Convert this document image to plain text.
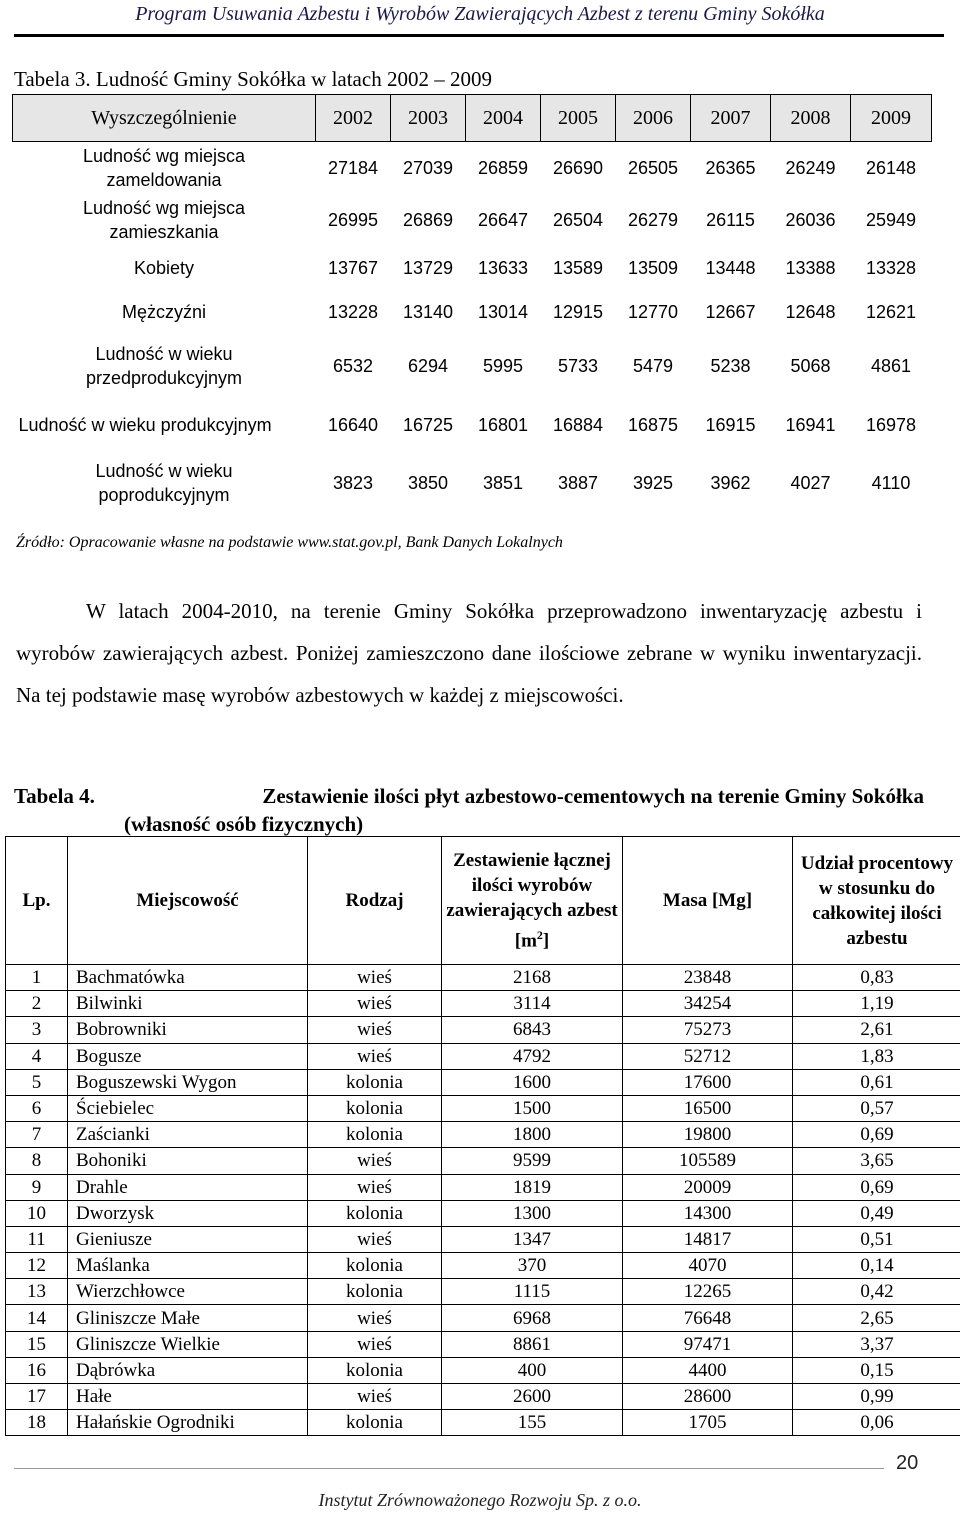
Program Usuwania Azbestu i Wyrobów Zawierających Azbest z terenu Gminy Sokółka
Tabela 3. Ludność Gminy Sokółka w latach 2002 – 2009
Wyszczególnienie	2002	2003	2004	2005	2006	2007	2008	2009
Ludność wg miejsca zameldowania	27184	27039	26859	26690	26505	26365	26249	26148
Ludność wg miejsca zamieszkania	26995	26869	26647	26504	26279	26115	26036	25949
Kobiety	13767	13729	13633	13589	13509	13448	13388	13328
Mężczyźni	13228	13140	13014	12915	12770	12667	12648	12621
Ludność w wieku przedprodukcyjnym	6532	6294	5995	5733	5479	5238	5068	4861
Ludność w wieku produkcyjnym	16640	16725	16801	16884	16875	16915	16941	16978
Ludność w wieku poprodukcyjnym	3823	3850	3851	3887	3925	3962	4027	4110
Źródło: Opracowanie własne na podstawie www.stat.gov.pl, Bank Danych Lokalnych
W latach 2004-2010, na terenie Gminy Sokółka przeprowadzono inwentaryzację azbestu i wyrobów zawierających azbest. Poniżej zamieszczono dane ilościowe zebrane w wyniku inwentaryzacji. Na tej podstawie masę wyrobów azbestowych w każdej z miejscowości.
Tabela 4.	Zestawienie ilości płyt azbestowo-cementowych na terenie Gminy Sokółka
(własność osób fizycznych)
Lp.	Miejscowość	Rodzaj	Zestawienie łącznej ilości wyrobów zawierających azbest $[m^2]$	Masa [Mg]	Udział procentowy w stosunku do całkowitej ilości azbestu
1	Bachmatówka	wieś	2168	23848	0,83
2	Bilwinki	wieś	3114	34254	1,19
3	Bobrowniki	wieś	6843	75273	2,61
4	Bogusze	wieś	4792	52712	1,83
5	Boguszewski Wygon	kolonia	1600	17600	0,61
6	Ściebielec	kolonia	1500	16500	0,57
7	Zaścianki	kolonia	1800	19800	0,69
8	Bohoniki	wieś	9599	105589	3,65
9	Drahle	wieś	1819	20009	0,69
10	Dworzysk	kolonia	1300	14300	0,49
11	Gieniusze	wieś	1347	14817	0,51
12	Maślanka	kolonia	370	4070	0,14
13	Wierzchłowce	kolonia	1115	12265	0,42
14	Gliniszcze Małe	wieś	6968	76648	2,65
15	Gliniszcze Wielkie	wieś	8861	97471	3,37
16	Dąbrówka	kolonia	400	4400	0,15
17	Hałe	wieś	2600	28600	0,99
18	Hałańskie Ogrodniki	kolonia	155	1705	0,06
20
Instytut Zrównoważonego Rozwoju Sp. z o.o.
